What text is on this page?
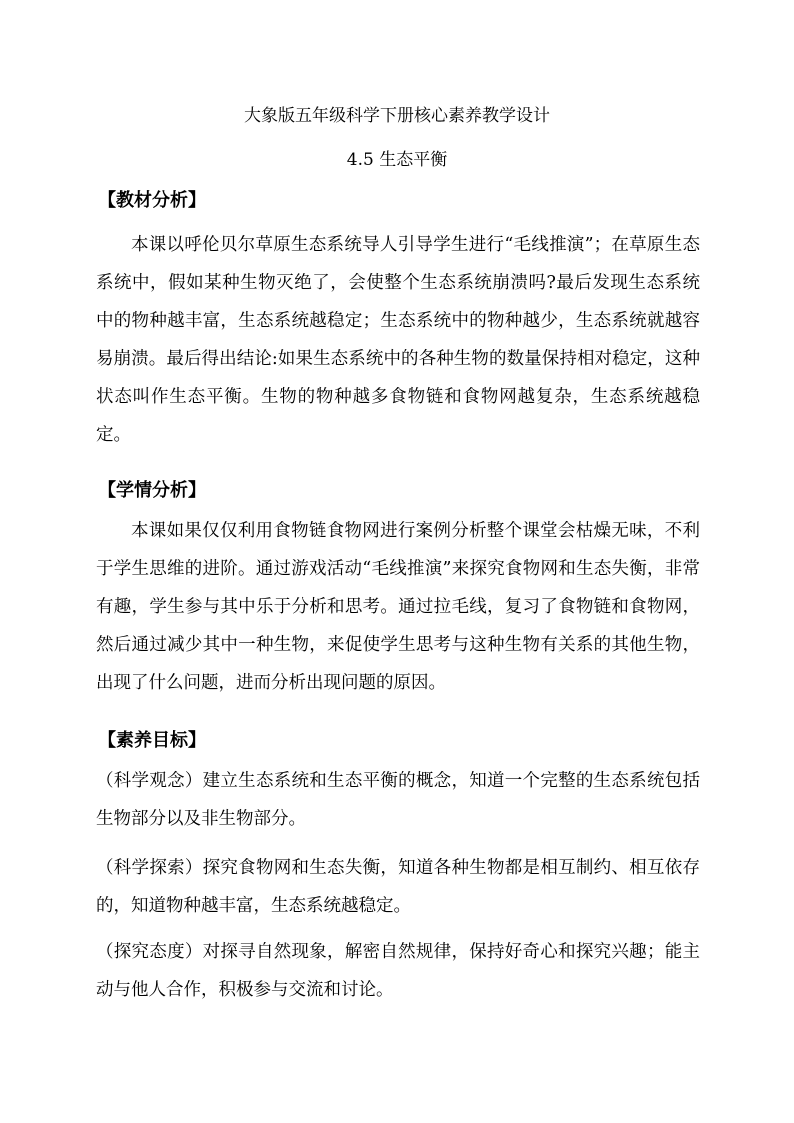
大象版五年级科学下册核心素养教学设计
4.5 生态平衡
【教材分析】

本课以呼伦贝尔草原生态系统导人引导学生进行“毛线推演”；在草原生态系统中，假如某种生物灭绝了，会使整个生态系统崩溃吗?最后发现生态系统中的物种越丰富，生态系统越稳定；生态系统中的物种越少，生态系统就越容易崩溃。最后得出结论:如果生态系统中的各种生物的数量保持相对稳定，这种状态叫作生态平衡。生物的物种越多食物链和食物网越复杂，生态系统越稳定。

【学情分析】

本课如果仅仅利用食物链食物网进行案例分析整个课堂会枯燥无味，不利于学生思维的进阶。通过游戏活动“毛线推演”来探究食物网和生态失衡，非常有趣，学生参与其中乐于分析和思考。通过拉毛线，复习了食物链和食物网，然后通过减少其中一种生物，来促使学生思考与这种生物有关系的其他生物，出现了什么问题，进而分析出现问题的原因。

【素养目标】

（科学观念）建立生态系统和生态平衡的概念，知道一个完整的生态系统包括生物部分以及非生物部分。

（科学探索）探究食物网和生态失衡，知道各种生物都是相互制约、相互依存的，知道物种越丰富，生态系统越稳定。

（探究态度）对探寻自然现象，解密自然规律，保持好奇心和探究兴趣；能主动与他人合作，积极参与交流和讨论。
